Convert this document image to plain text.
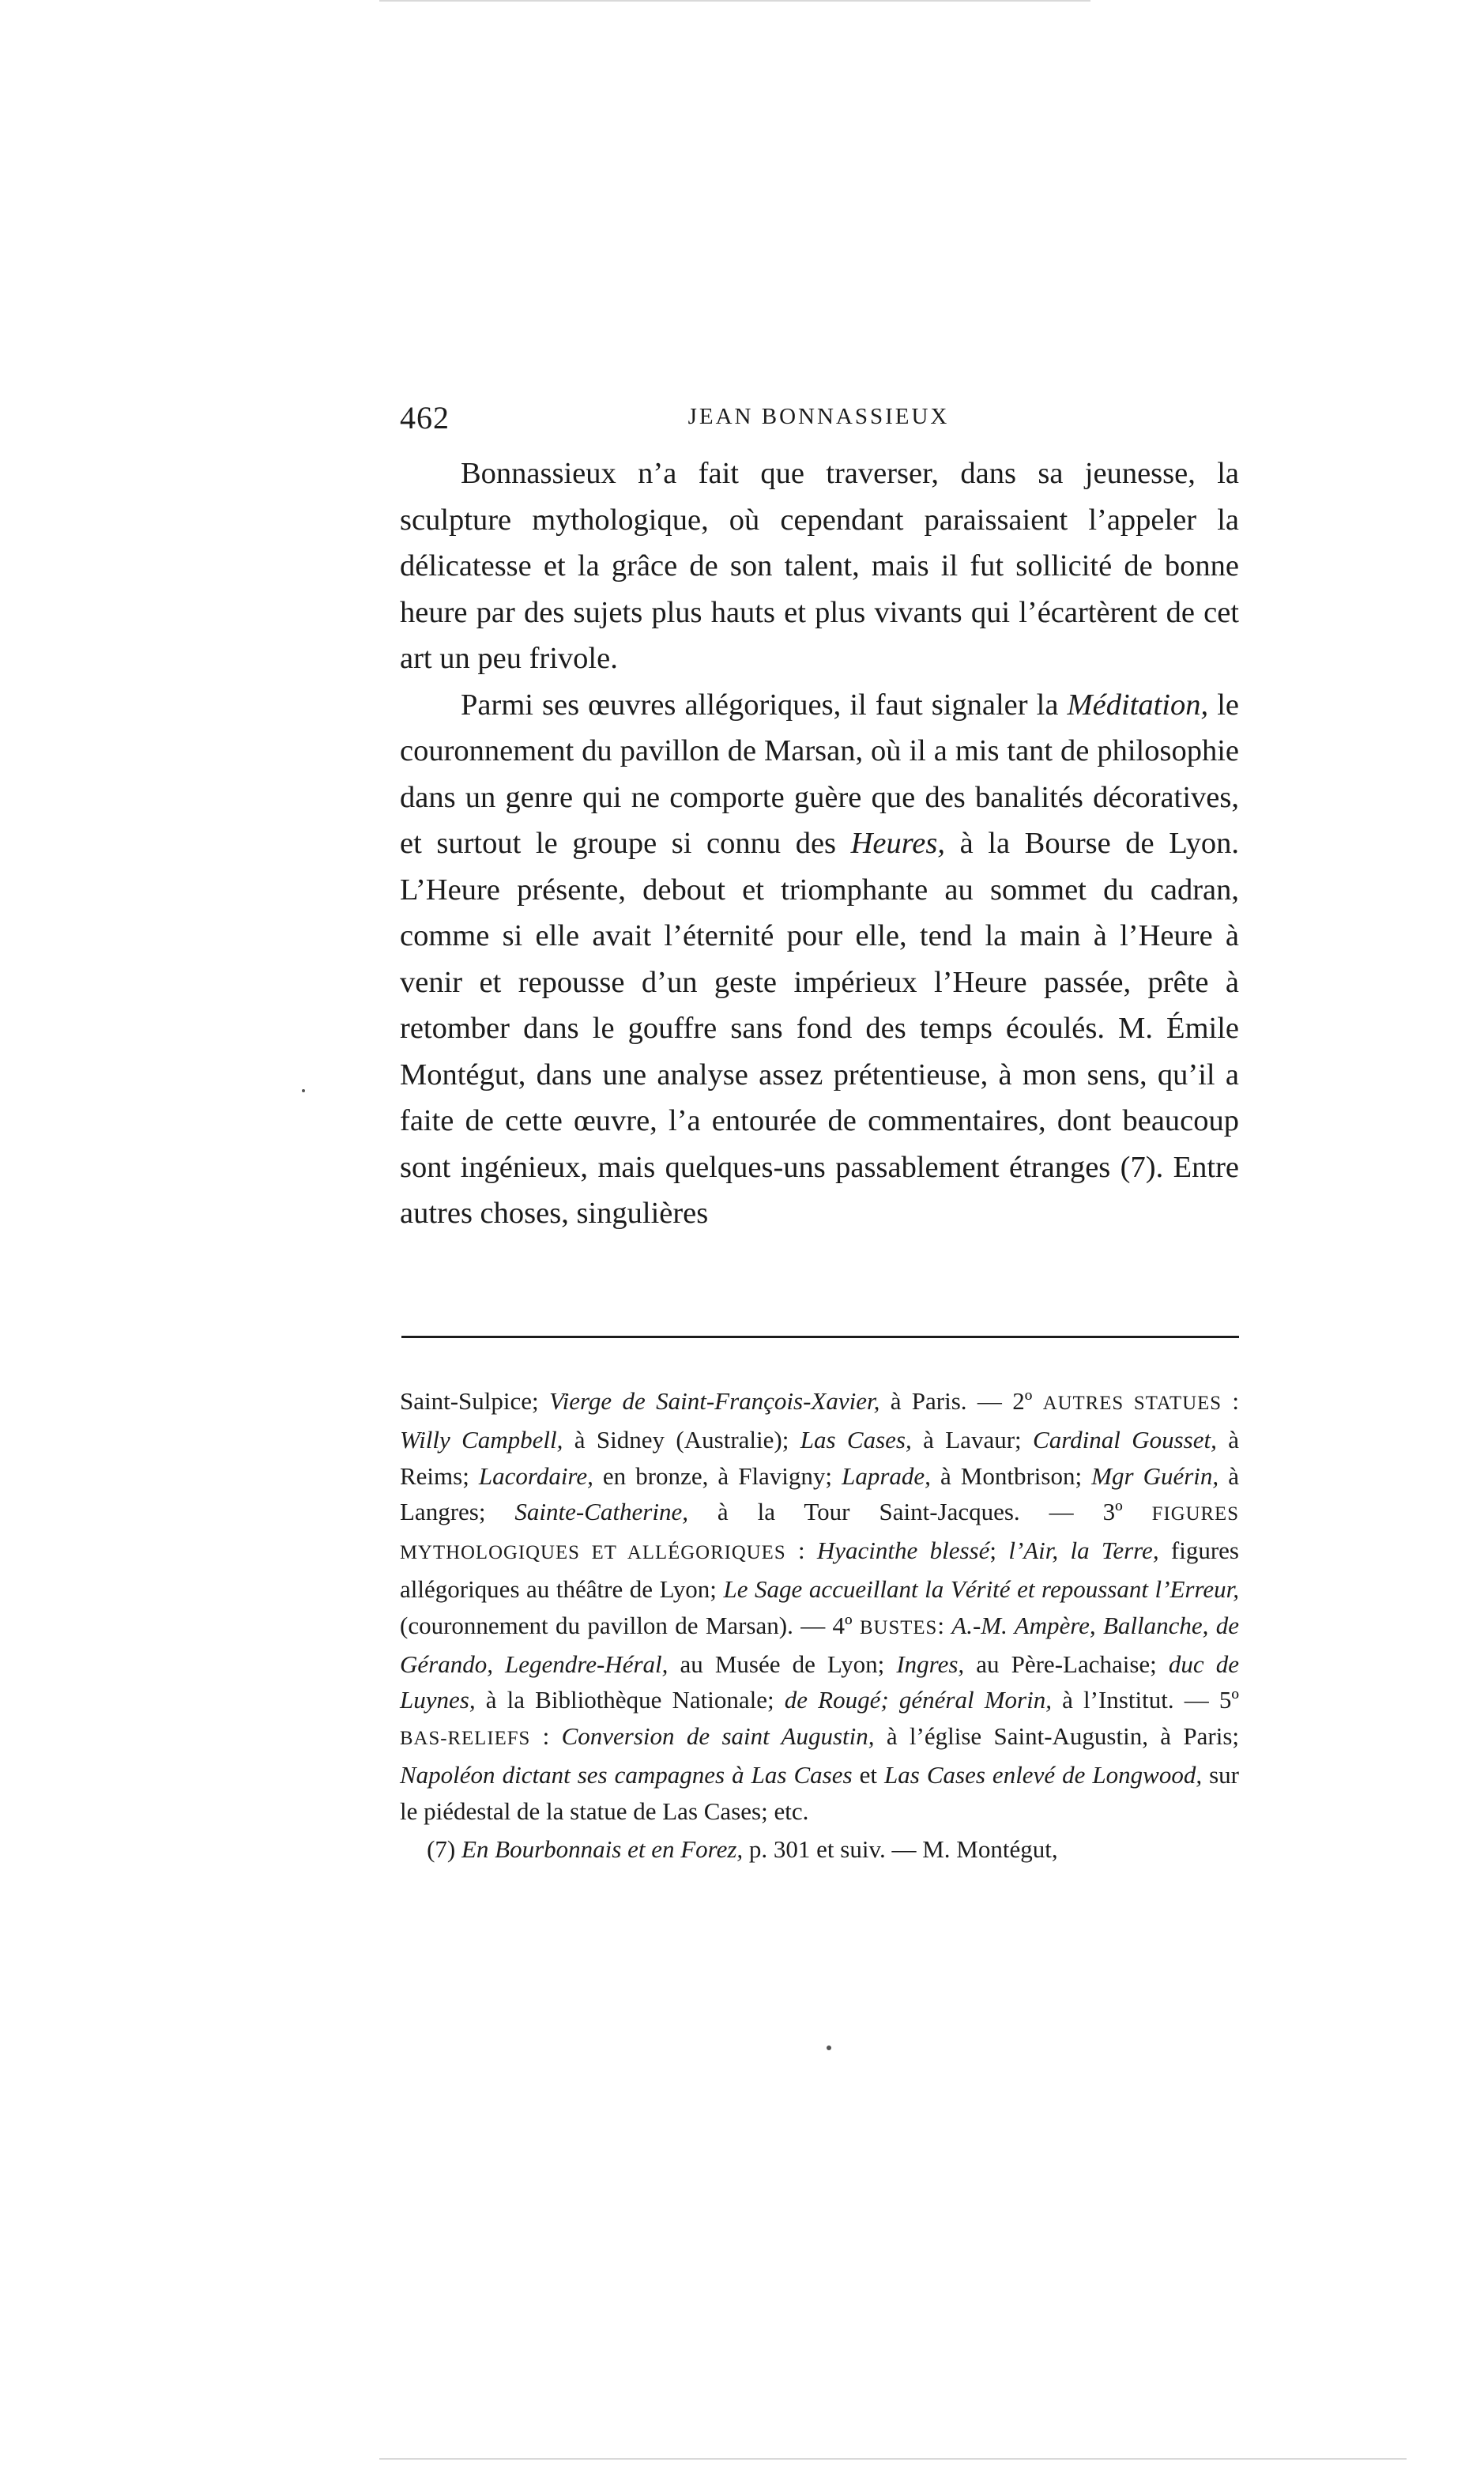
462	JEAN BONNASSIEUX

Bonnassieux n’a fait que traverser, dans sa jeunesse, la sculpture mythologique, où cependant paraissaient l’appeler la délicatesse et la grâce de son talent, mais il fut sollicité de bonne heure par des sujets plus hauts et plus vivants qui l’écartèrent de cet art un peu frivole.

Parmi ses œuvres allégoriques, il faut signaler la Méditation, le couronnement du pavillon de Marsan, où il a mis tant de philosophie dans un genre qui ne comporte guère que des banalités décoratives, et surtout le groupe si connu des Heures, à la Bourse de Lyon. L’Heure présente, debout et triomphante au sommet du cadran, comme si elle avait l’éternité pour elle, tend la main à l’Heure à venir et repousse d’un geste impérieux l’Heure passée, prête à retomber dans le gouffre sans fond des temps écoulés. M. Émile Montégut, dans une analyse assez prétentieuse, à mon sens, qu’il a faite de cette œuvre, l’a entourée de commentaires, dont beaucoup sont ingénieux, mais quelques-uns passablement étranges (7). Entre autres choses, singulières

Saint-Sulpice; Vierge de Saint-François-Xavier, à Paris. — 2º AUTRES STATUES : Willy Campbell, à Sidney (Australie); Las Cases, à Lavaur; Cardinal Gousset, à Reims; Lacordaire, en bronze, à Flavigny; Laprade, à Montbrison; Mgr Guérin, à Langres; Sainte-Catherine, à la Tour Saint-Jacques. — 3º FIGURES MYTHOLOGIQUES ET ALLÉGORIQUES : Hyacinthe blessé; l’Air, la Terre, figures allégoriques au théâtre de Lyon; Le Sage accueillant la Vérité et repoussant l’Erreur, (couronnement du pavillon de Marsan). — 4º BUSTES: A.-M. Ampère, Ballanche, de Gérando, Legendre-Héral, au Musée de Lyon; Ingres, au Père-Lachaise; duc de Luynes, à la Bibliothèque Nationale; de Rougé; général Morin, à l’Institut. — 5º BAS-RELIEFS : Conversion de saint Augustin, à l’église Saint-Augustin, à Paris; Napoléon dictant ses campagnes à Las Cases et Las Cases enlevé de Longwood, sur le piédestal de la statue de Las Cases; etc.

(7) En Bourbonnais et en Forez, p. 301 et suiv. — M. Montégut,
